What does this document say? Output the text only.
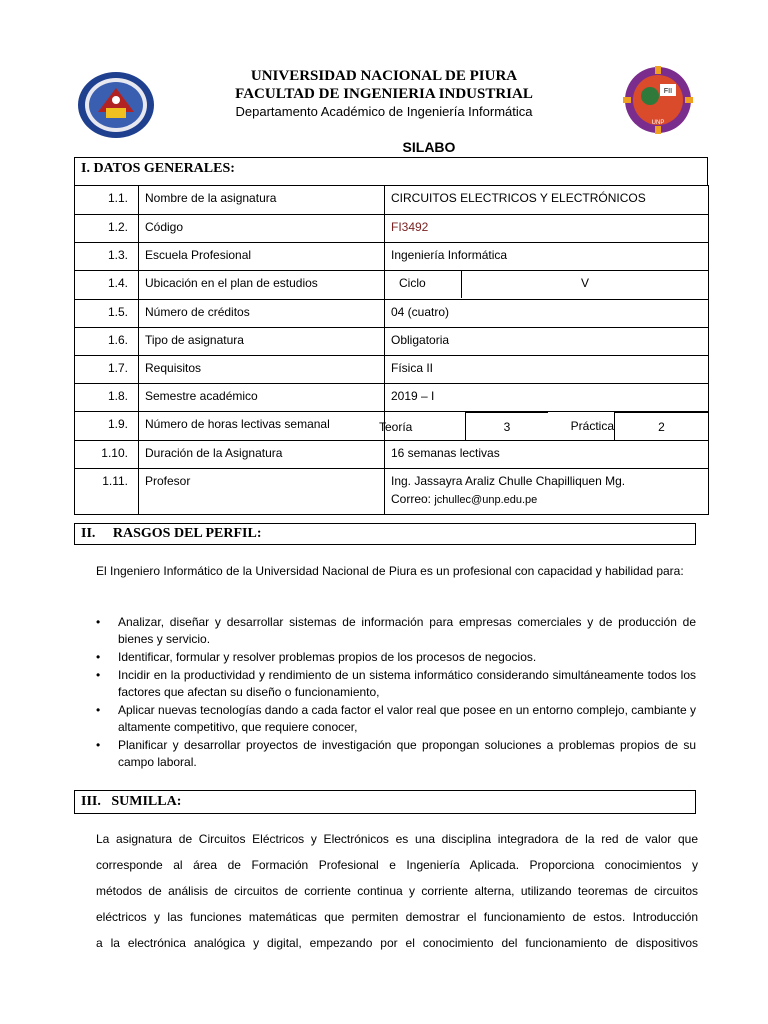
FII
UNP
UNIVERSIDAD NACIONAL DE PIURA
FACULTAD DE INGENIERIA INDUSTRIAL
Departamento Académico de Ingeniería Informática
SILABO
I. DATOS GENERALES:
1.1.	Nombre de la asignatura	CIRCUITOS ELECTRICOS Y ELECTRÓNICOS
1.2.	Código	FI3492
1.3.	Escuela Profesional	Ingeniería Informática
1.4.	Ubicación en el plan de estudios	Ciclo V

1.5.	Número de créditos	04 (cuatro)
1.6.	Tipo de asignatura	Obligatoria
1.7.	Requisitos	Física II
1.8.	Semestre académico	2019 – I
1.9.	Número de horas lectivas semanal	Teoría 3 Práctica 2

1.10.	Duración de la Asignatura	16 semanas lectivas
1.11.	Profesor	Ing. Jassayra Araliz Chulle Chapilliquen Mg.
Correo: jchullec@unp.edu.pe
II.     RASGOS DEL PERFIL:
El Ingeniero Informático de la Universidad Nacional de Piura es un profesional con capacidad y habilidad para:
• Analizar, diseñar y desarrollar sistemas de información para empresas comerciales y de producción de bienes y servicio.
• Identificar, formular y resolver problemas propios de los procesos de negocios.
• Incidir en la productividad y rendimiento de un sistema informático considerando simultáneamente todos los factores que afectan su diseño o funcionamiento,
• Aplicar nuevas tecnologías dando a cada factor el valor real que posee en un entorno complejo, cambiante y altamente competitivo, que requiere conocer,
• Planificar y desarrollar proyectos de investigación que propongan soluciones a problemas propios de su campo laboral.
III.   SUMILLA:

La asignatura de Circuitos Eléctricos y Electrónicos es una disciplina integradora de la red de valor que

corresponde al área de Formación Profesional e Ingeniería Aplicada. Proporciona conocimientos y

métodos de análisis de circuitos de corriente continua y corriente alterna, utilizando teoremas de circuitos

eléctricos y las funciones matemáticas que permiten demostrar el funcionamiento de estos. Introducción

a la electrónica analógica y digital, empezando por el conocimiento del funcionamiento de dispositivos
